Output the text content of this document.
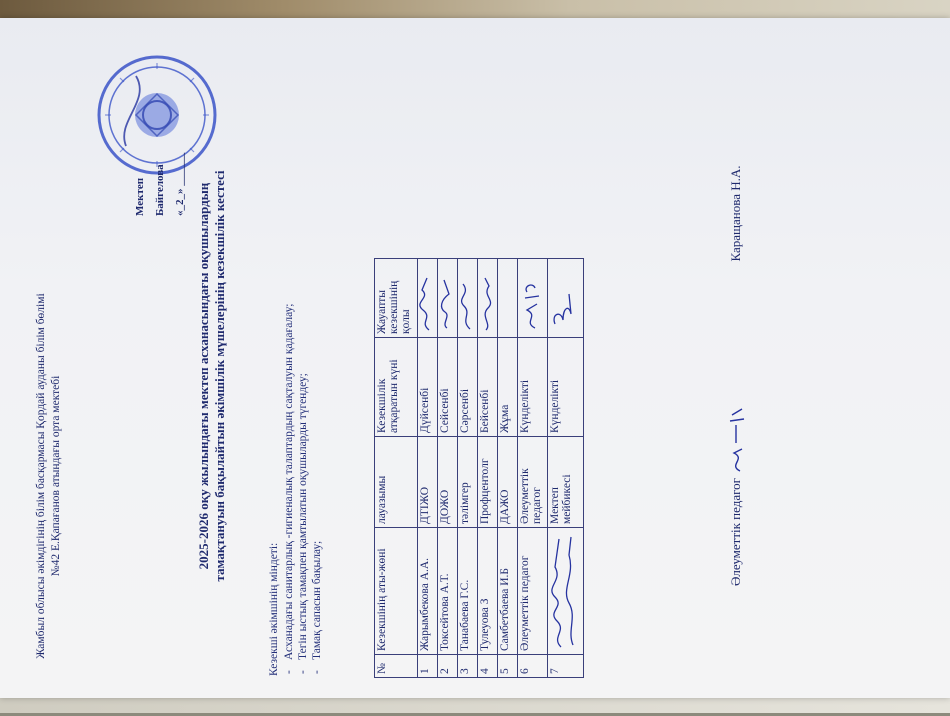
Жамбыл облысы әкімдігінің білім басқармасы Қордай ауданы білім бөлімі №42 Е.Қапағанов атындағы орта мектебі
Мектеп Байгелова «_2_» ______ 2025-2026 оқу жылындағы мектеп асханасындағы оқушылардың тамақтануын бақылайтын әкімшілік мүшелерінің кезекшілік кестесі
Кезекші әкімшінің міндеті: - Асханадағы санитарлық -гигиеналық талаптардың сақталуын қадағалау; - Тегін ыстық тамақпен қамтылатын оқушыларды түгендеу; - Тамақ сапасын бақылау;
№	Кезекшінің аты-жөні	лауазымы	Кезекшілік атқаратын күні	Жауапты кезекшінің қолы
1	Жарымбекова А.А.	ДТІЖО	Дүйсенбі	
2	Токсейтова А.Т.	ДОЖО	Сейсенбі	
3	Танабаева Г.С.	тәлімгер	Сәрсенбі	
4	Тулеуова З	Профцентолг	Бейсенбі	
5	Самбетбаева И.Б	ДАЖО	Жұма	
6	Әлеуметтік педагог	Әлеуметтік педагог	Күнделікті	
7		Мектеп мейбикесі	Күнделікті	
Әлеуметтік педагог  Каращанова Н.А.
